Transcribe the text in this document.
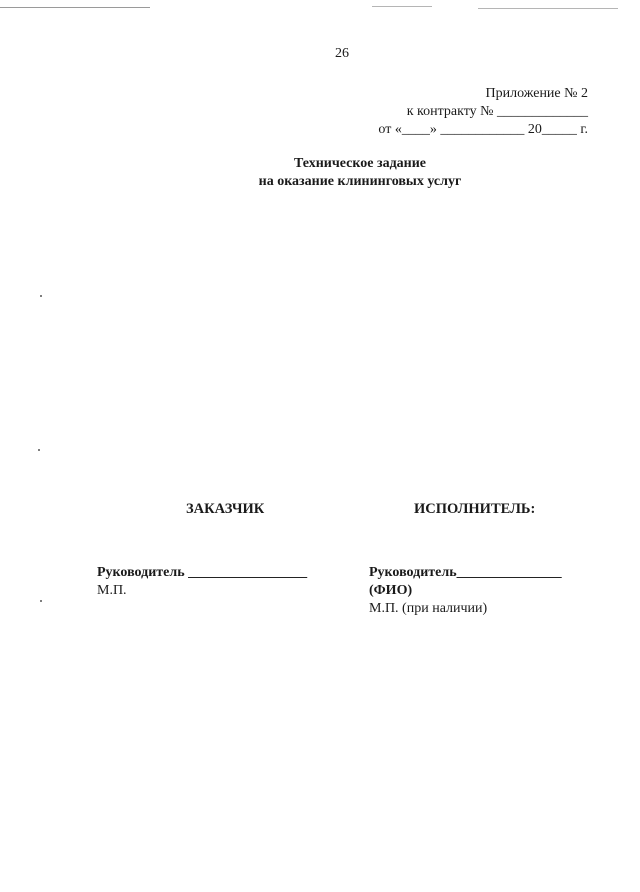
26
Приложение № 2
к контракту № _____________
от «____» ____________ 20_____ г.
Техническое задание
на оказание клининговых услуг
ЗАКАЗЧИК	ИСПОЛНИТЕЛЬ:
Руководитель _________________
М.П.
Руководитель_______________
(ФИО)
М.П. (при наличии)
